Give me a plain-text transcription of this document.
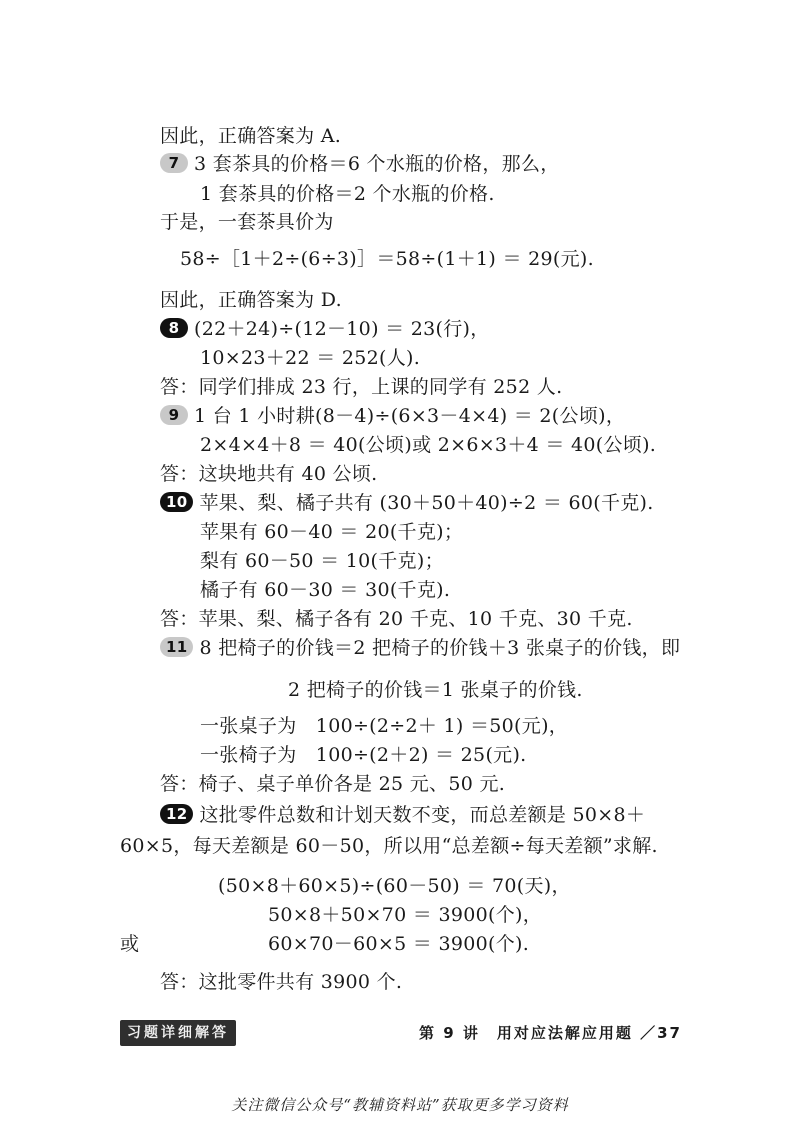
因此，正确答案为 A.
7 3 套茶具的价格＝6 个水瓶的价格，那么，
1 套茶具的价格＝2 个水瓶的价格.
于是，一套茶具价为
58÷［1＋2÷(6÷3)］＝58÷(1＋1) ＝ 29(元).
因此，正确答案为 D.
8 (22＋24)÷(12－10) ＝ 23(行)，
10×23＋22 ＝ 252(人).
答：同学们排成 23 行，上课的同学有 252 人.
9 1 台 1 小时耕(8－4)÷(6×3－4×4) ＝ 2(公顷)，
2×4×4＋8 ＝ 40(公顷)或 2×6×3＋4 ＝ 40(公顷).
答：这块地共有 40 公顷.
10 苹果、梨、橘子共有 (30＋50＋40)÷2 ＝ 60(千克).
苹果有 60－40 ＝ 20(千克)；
梨有 60－50 ＝ 10(千克)；
橘子有 60－30 ＝ 30(千克).
答：苹果、梨、橘子各有 20 千克、10 千克、30 千克.
11 8 把椅子的价钱＝2 把椅子的价钱＋3 张桌子的价钱，即
2 把椅子的价钱＝1 张桌子的价钱.
一张桌子为　100÷(2÷2＋ 1) ＝50(元)，
一张椅子为　100÷(2＋2) ＝ 25(元).
答：椅子、桌子单价各是 25 元、50 元.
12 这批零件总数和计划天数不变，而总差额是 50×8＋
60×5，每天差额是 60－50，所以用“总差额÷每天差额”求解.
(50×8＋60×5)÷(60－50) ＝ 70(天)，
50×8＋50×70 ＝ 3900(个)，
或	60×70－60×5 ＝ 3900(个).
答：这批零件共有 3900 个.
习题详细解答	第 9 讲　用对应法解应用题 ／37
关注微信公众号“教辅资料站”获取更多学习资料
